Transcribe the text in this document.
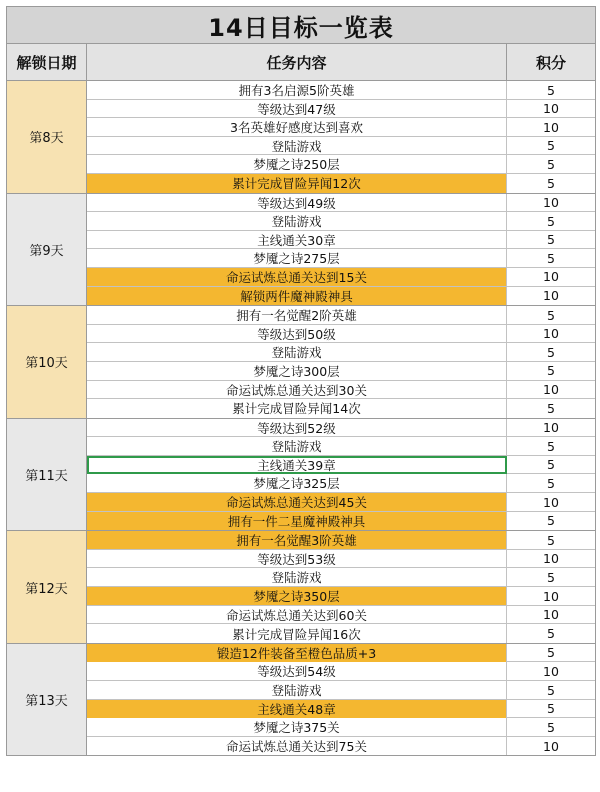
14日目标一览表
解锁日期	任务内容	积分
第8天
拥有3名启源5阶英雄	5
等级达到47级	10
3名英雄好感度达到喜欢	10
登陆游戏	5
梦魇之诗250层	5
累计完成冒险异闻12次	5
第9天
等级达到49级	10
登陆游戏	5
主线通关30章	5
梦魇之诗275层	5
命运试炼总通关达到15关	10
解锁两件魔神殿神具	10
第10天
拥有一名觉醒2阶英雄	5
等级达到50级	10
登陆游戏	5
梦魇之诗300层	5
命运试炼总通关达到30关	10
累计完成冒险异闻14次	5
第11天
等级达到52级	10
登陆游戏	5
主线通关39章	5
梦魇之诗325层	5
命运试炼总通关达到45关	10
拥有一件二星魔神殿神具	5
第12天
拥有一名觉醒3阶英雄	5
等级达到53级	10
登陆游戏	5
梦魇之诗350层	10
命运试炼总通关达到60关	10
累计完成冒险异闻16次	5
第13天
锻造12件装备至橙色品质+3	5
等级达到54级	10
登陆游戏	5
主线通关48章	5
梦魇之诗375关	5
命运试炼总通关达到75关	10
